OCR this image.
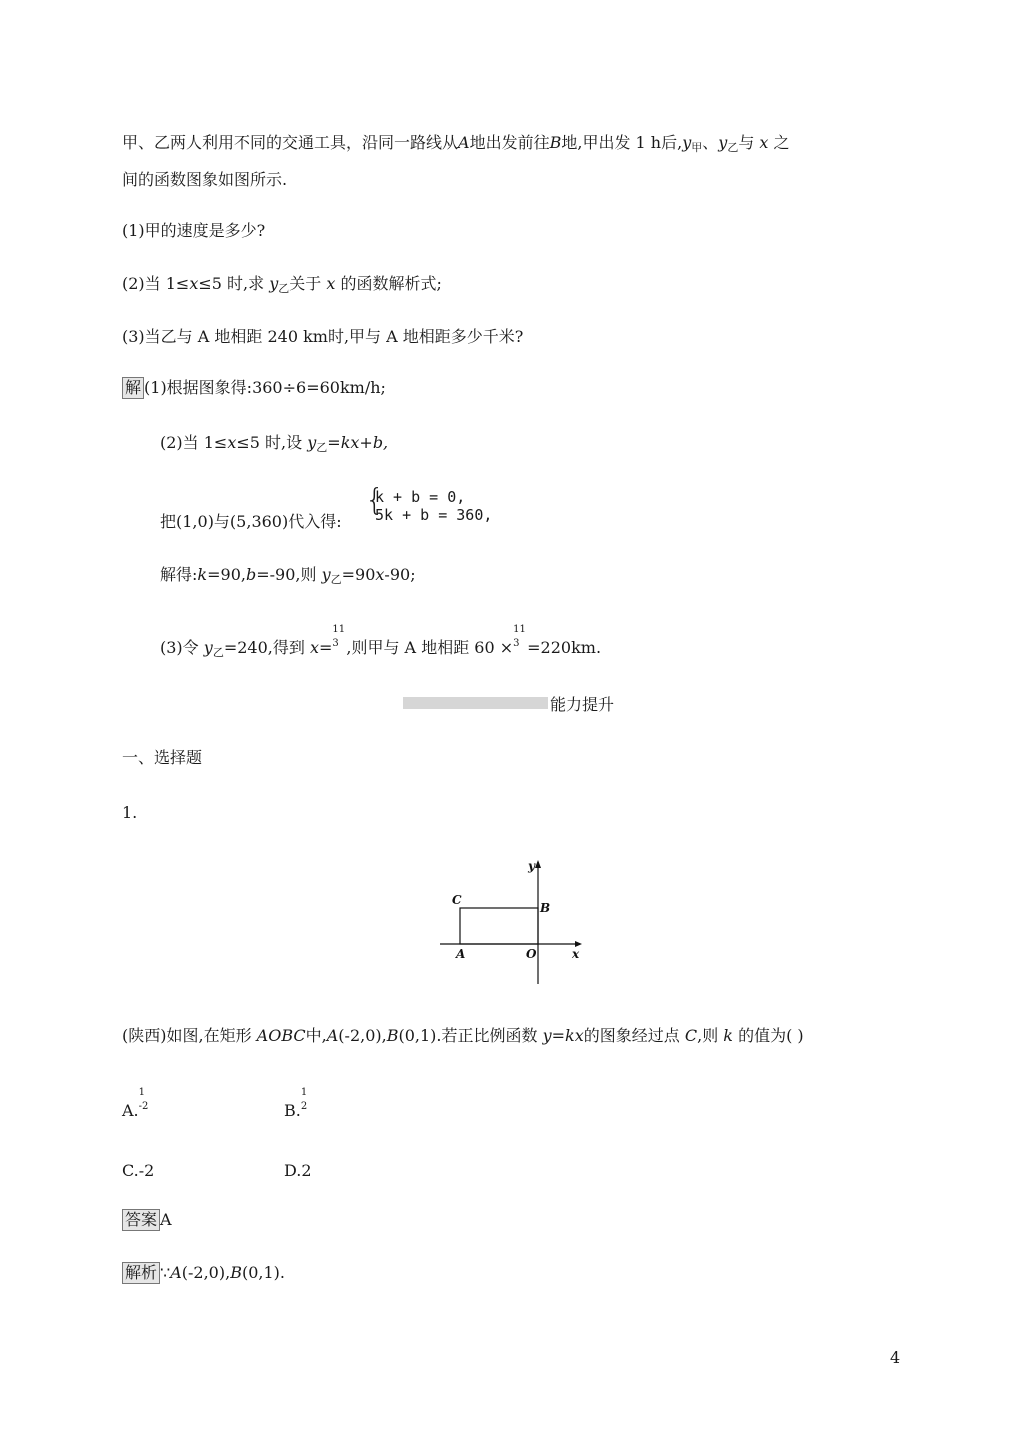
甲、乙两人利用不同的交通工具，沿同一路线从A地出发前往B地,甲出发 1 h后$,y_甲$、$y_乙$与 x 之
间的函数图象如图所示.
(1)甲的速度是多少?
(2)当 1≤x≤5 时,求 $y_乙$关于 x 的函数解析式;
(3)当乙与 A 地相距 240 km时,甲与 A 地相距多少千米?
解 (1)根据图象得:360÷6=60km/h;
(2)当 1≤x≤5 时,设 $y_乙=kx+b$,
把(1,0)与(5,360)代入得:
{
k + b = 0,
5k + b = 360,
解得:k=90,b=-90,则 $y_乙=90x-90$;
(3)令 $y_乙=240$,得到 x=
11
3 ,则甲与 A 地相距 60 ×
11
3 =220km.
能力提升
一、选择题
1.
y
x
C
B
A	O
(陕西)如图,在矩形 AOBC中,A(-2,0),B(0,1).若正比例函数 y=kx的图象经过点 C,则 k 的值为( )
A.
1
-2	B.
1
2
C.-2	D.2
答案 A
解析 ∵A(-2,0),B(0,1).
4
